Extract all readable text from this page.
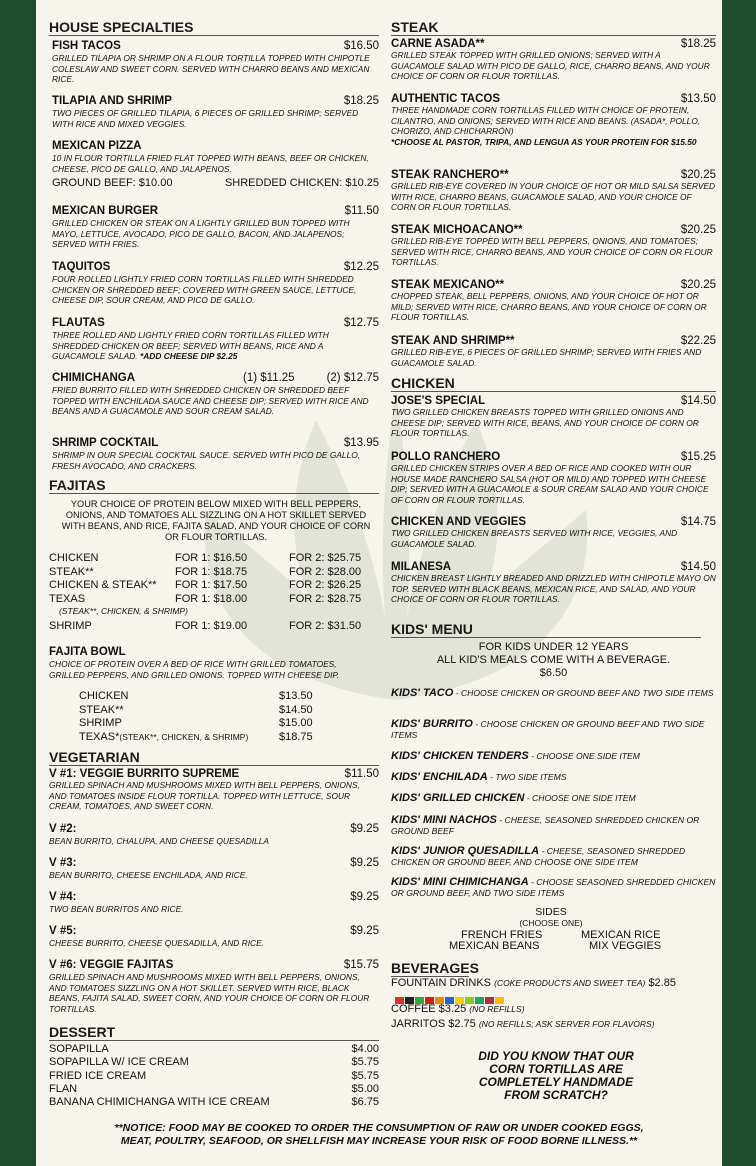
HOUSE SPECIALTIES
FISH TACOS	$16.50
GRILLED TILAPIA OR SHRIMP ON A FLOUR TORTILLA TOPPED WITH CHIPOTLE COLESLAW AND SWEET CORN. SERVED WITH CHARRO BEANS AND MEXICAN RICE.
TILAPIA AND SHRIMP	$18.25
TWO PIECES OF GRILLED TILAPIA, 6 PIECES OF GRILLED SHRIMP; SERVED WITH RICE AND MIXED VEGGIES.
MEXICAN PIZZA
10 IN FLOUR TORTILLA FRIED FLAT TOPPED WITH BEANS, BEEF OR CHICKEN, CHEESE, PICO DE GALLO, AND JALAPENOS.
GROUND BEEF: $10.00	SHREDDED CHICKEN: $10.25
MEXICAN BURGER	$11.50
GRILLED CHICKEN OR STEAK ON A LIGHTLY GRILLED BUN TOPPED WITH MAYO, LETTUCE, AVOCADO, PICO DE GALLO, BACON, AND JALAPENOS; SERVED WITH FRIES.
TAQUITOS	$12.25
FOUR ROLLED LIGHTLY FRIED CORN TORTILLAS FILLED WITH SHREDDED CHICKEN OR SHREDDED BEEF; COVERED WITH GREEN SAUCE, LETTUCE, CHEESE DIP, SOUR CREAM, AND PICO DE GALLO.
FLAUTAS	$12.75
THREE ROLLED AND LIGHTLY FRIED CORN TORTILLAS FILLED WITH SHREDDED CHICKEN OR BEEF; SERVED WITH BEANS, RICE AND A GUACAMOLE SALAD. *ADD CHEESE DIP $2.25
CHIMICHANGA	(1) $11.25	(2) $12.75
FRIED BURRITO FILLED WITH SHREDDED CHICKEN OR SHREDDED BEEF TOPPED WITH ENCHILADA SAUCE AND CHEESE DIP; SERVED WITH RICE AND BEANS AND A GUACAMOLE AND SOUR CREAM SALAD.
SHRIMP COCKTAIL	$13.95
SHRIMP IN OUR SPECIAL COCKTAIL SAUCE. SERVED WITH PICO DE GALLO, FRESH AVOCADO, AND CRACKERS.
FAJITAS
YOUR CHOICE OF PROTEIN BELOW MIXED WITH BELL PEPPERS, ONIONS, AND TOMATOES ALL SIZZLING ON A HOT SKILLET SERVED WITH BEANS, AND RICE, FAJITA SALAD, AND YOUR CHOICE OF CORN OR FLOUR TORTILLAS.
CHICKEN	FOR 1: $16.50	FOR 2: $25.75
STEAK**	FOR 1: $18.75	FOR 2: $28.00
CHICKEN & STEAK** FOR 1: $17.50	FOR 2: $26.25
TEXAS	FOR 1: $18.00	FOR 2: $28.75
(STEAK**, CHICKEN, & SHRIMP)
SHRIMP	FOR 1: $19.00	FOR 2: $31.50
FAJITA BOWL
CHOICE OF PROTEIN OVER A BED OF RICE WITH GRILLED TOMATOES, GRILLED PEPPERS, AND GRILLED ONIONS. TOPPED WITH CHEESE DIP.
CHICKEN	$13.50
STEAK**	$14.50
SHRIMP	$15.00
TEXAS*(STEAK**, CHICKEN, & SHRIMP)	$18.75
VEGETARIAN
V #1: VEGGIE BURRITO SUPREME	$11.50
GRILLED SPINACH AND MUSHROOMS MIXED WITH BELL PEPPERS, ONIONS, AND TOMATOES INSIDE FLOUR TORTILLA. TOPPED WITH LETTUCE, SOUR CREAM, TOMATOES, AND SWEET CORN.
V #2:	$9.25
BEAN BURRITO, CHALUPA, AND CHEESE QUESADILLA
V #3:	$9.25
BEAN BURRITO, CHEESE ENCHILADA, AND RICE.
V #4:	$9.25
TWO BEAN BURRITOS AND RICE.
V #5:	$9.25
CHEESE BURRITO, CHEESE QUESADILLA, AND RICE.
V #6: VEGGIE FAJITAS	$15.75
GRILLED SPINACH AND MUSHROOMS MIXED WITH BELL PEPPERS, ONIONS, AND TOMATOES SIZZLING ON A HOT SKILLET. SERVED WITH RICE, BLACK BEANS, FAJITA SALAD, SWEET CORN, AND YOUR CHOICE OF CORN OR FLOUR TORTILLAS.
DESSERT
SOPAPILLA	$4.00
SOPAPILLA W/ ICE CREAM	$5.75
FRIED ICE CREAM	$5.75
FLAN	$5.00
BANANA CHIMICHANGA WITH ICE CREAM	$6.75
STEAK
CARNE ASADA**	$18.25
GRILLED STEAK TOPPED WITH GRILLED ONIONS; SERVED WITH A GUACAMOLE SALAD WITH PICO DE GALLO, RICE, CHARRO BEANS, AND YOUR CHOICE OF CORN OR FLOUR TORTILLAS.
AUTHENTIC TACOS	$13.50
THREE HANDMADE CORN TORTILLAS FILLED WITH CHOICE OF PROTEIN, CILANTRO, AND ONIONS; SERVED WITH RICE AND BEANS. (ASADA*, POLLO, CHORIZO, AND CHICHARRÓN)
*CHOOSE AL PASTOR, TRIPA, AND LENGUA AS YOUR PROTEIN FOR $15.50
STEAK RANCHERO**	$20.25
GRILLED RIB-EYE COVERED IN YOUR CHOICE OF HOT OR MILD SALSA SERVED WITH RICE, CHARRO BEANS, GUACAMOLE SALAD, AND YOUR CHOICE OF CORN OR FLOUR TORTILLAS.
STEAK MICHOACANO**	$20.25
GRILLED RIB-EYE TOPPED WITH BELL PEPPERS, ONIONS, AND TOMATOES; SERVED WITH RICE, CHARRO BEANS, AND YOUR CHOICE OF CORN OR FLOUR TORTILLAS.
STEAK MEXICANO**	$20.25
CHOPPED STEAK, BELL PEPPERS, ONIONS, AND YOUR CHOICE OF HOT OR MILD; SERVED WITH RICE, CHARRO BEANS, AND YOUR CHOICE OF CORN OR FLOUR TORTILLAS.
STEAK AND SHRIMP**	$22.25
GRILLED RIB-EYE, 6 PIECES OF GRILLED SHRIMP; SERVED WITH FRIES AND GUACAMOLE SALAD.
CHICKEN
JOSE'S SPECIAL	$14.50
TWO GRILLED CHICKEN BREASTS TOPPED WITH GRILLED ONIONS AND CHEESE DIP; SERVED WITH RICE, BEANS, AND YOUR CHOICE OF CORN OR FLOUR TORTILLAS.
POLLO RANCHERO	$15.25
GRILLED CHICKEN STRIPS OVER A BED OF RICE AND COOKED WITH OUR HOUSE MADE RANCHERO SALSA (HOT OR MILD) AND TOPPED WITH CHEESE DIP; SERVED WITH A GUACAMOLE & SOUR CREAM SALAD AND YOUR CHOICE OF CORN OR FLOUR TORTILLAS.
CHICKEN AND VEGGIES	$14.75
TWO GRILLED CHICKEN BREASTS SERVED WITH RICE, VEGGIES, AND GUACAMOLE SALAD.
MILANESA	$14.50
CHICKEN BREAST LIGHTLY BREADED AND DRIZZLED WITH CHIPOTLE MAYO ON TOP. SERVED WITH BLACK BEANS, MEXICAN RICE, AND SALAD, AND YOUR CHOICE OF CORN OR FLOUR TORTILLAS.
KIDS' MENU
FOR KIDS UNDER 12 YEARS
ALL KID'S MEALS COME WITH A BEVERAGE.
$6.50
KIDS' TACO - CHOOSE CHICKEN OR GROUND BEEF AND TWO SIDE ITEMS
KIDS' BURRITO - CHOOSE CHICKEN OR GROUND BEEF AND TWO SIDE ITEMS
KIDS' CHICKEN TENDERS - CHOOSE ONE SIDE ITEM
KIDS' ENCHILADA - TWO SIDE ITEMS
KIDS' GRILLED CHICKEN - CHOOSE ONE SIDE ITEM
KIDS' MINI NACHOS - CHEESE, SEASONED SHREDDED CHICKEN OR GROUND BEEF
KIDS' JUNIOR QUESADILLA - CHEESE, SEASONED SHREDDED CHICKEN OR GROUND BEEF, AND CHOOSE ONE SIDE ITEM
KIDS' MINI CHIMICHANGA - CHOOSE SEASONED SHREDDED CHICKEN OR GROUND BEEF, AND TWO SIDE ITEMS
SIDES
(CHOOSE ONE)
FRENCH FRIES	MEXICAN RICE
MEXICAN BEANS	MIX VEGGIES
BEVERAGES
FOUNTAIN DRINKS (COKE PRODUCTS AND SWEET TEA) $2.85
COFFEE $3.25 (NO REFILLS)
JARRITOS $2.75 (NO REFILLS; ASK SERVER FOR FLAVORS)
DID YOU KNOW THAT OUR
CORN TORTILLAS ARE
COMPLETELY HANDMADE
FROM SCRATCH?
**NOTICE: FOOD MAY BE COOKED TO ORDER THE CONSUMPTION OF RAW OR UNDER COOKED EGGS,
MEAT, POULTRY, SEAFOOD, OR SHELLFISH MAY INCREASE YOUR RISK OF FOOD BORNE ILLNESS.**
